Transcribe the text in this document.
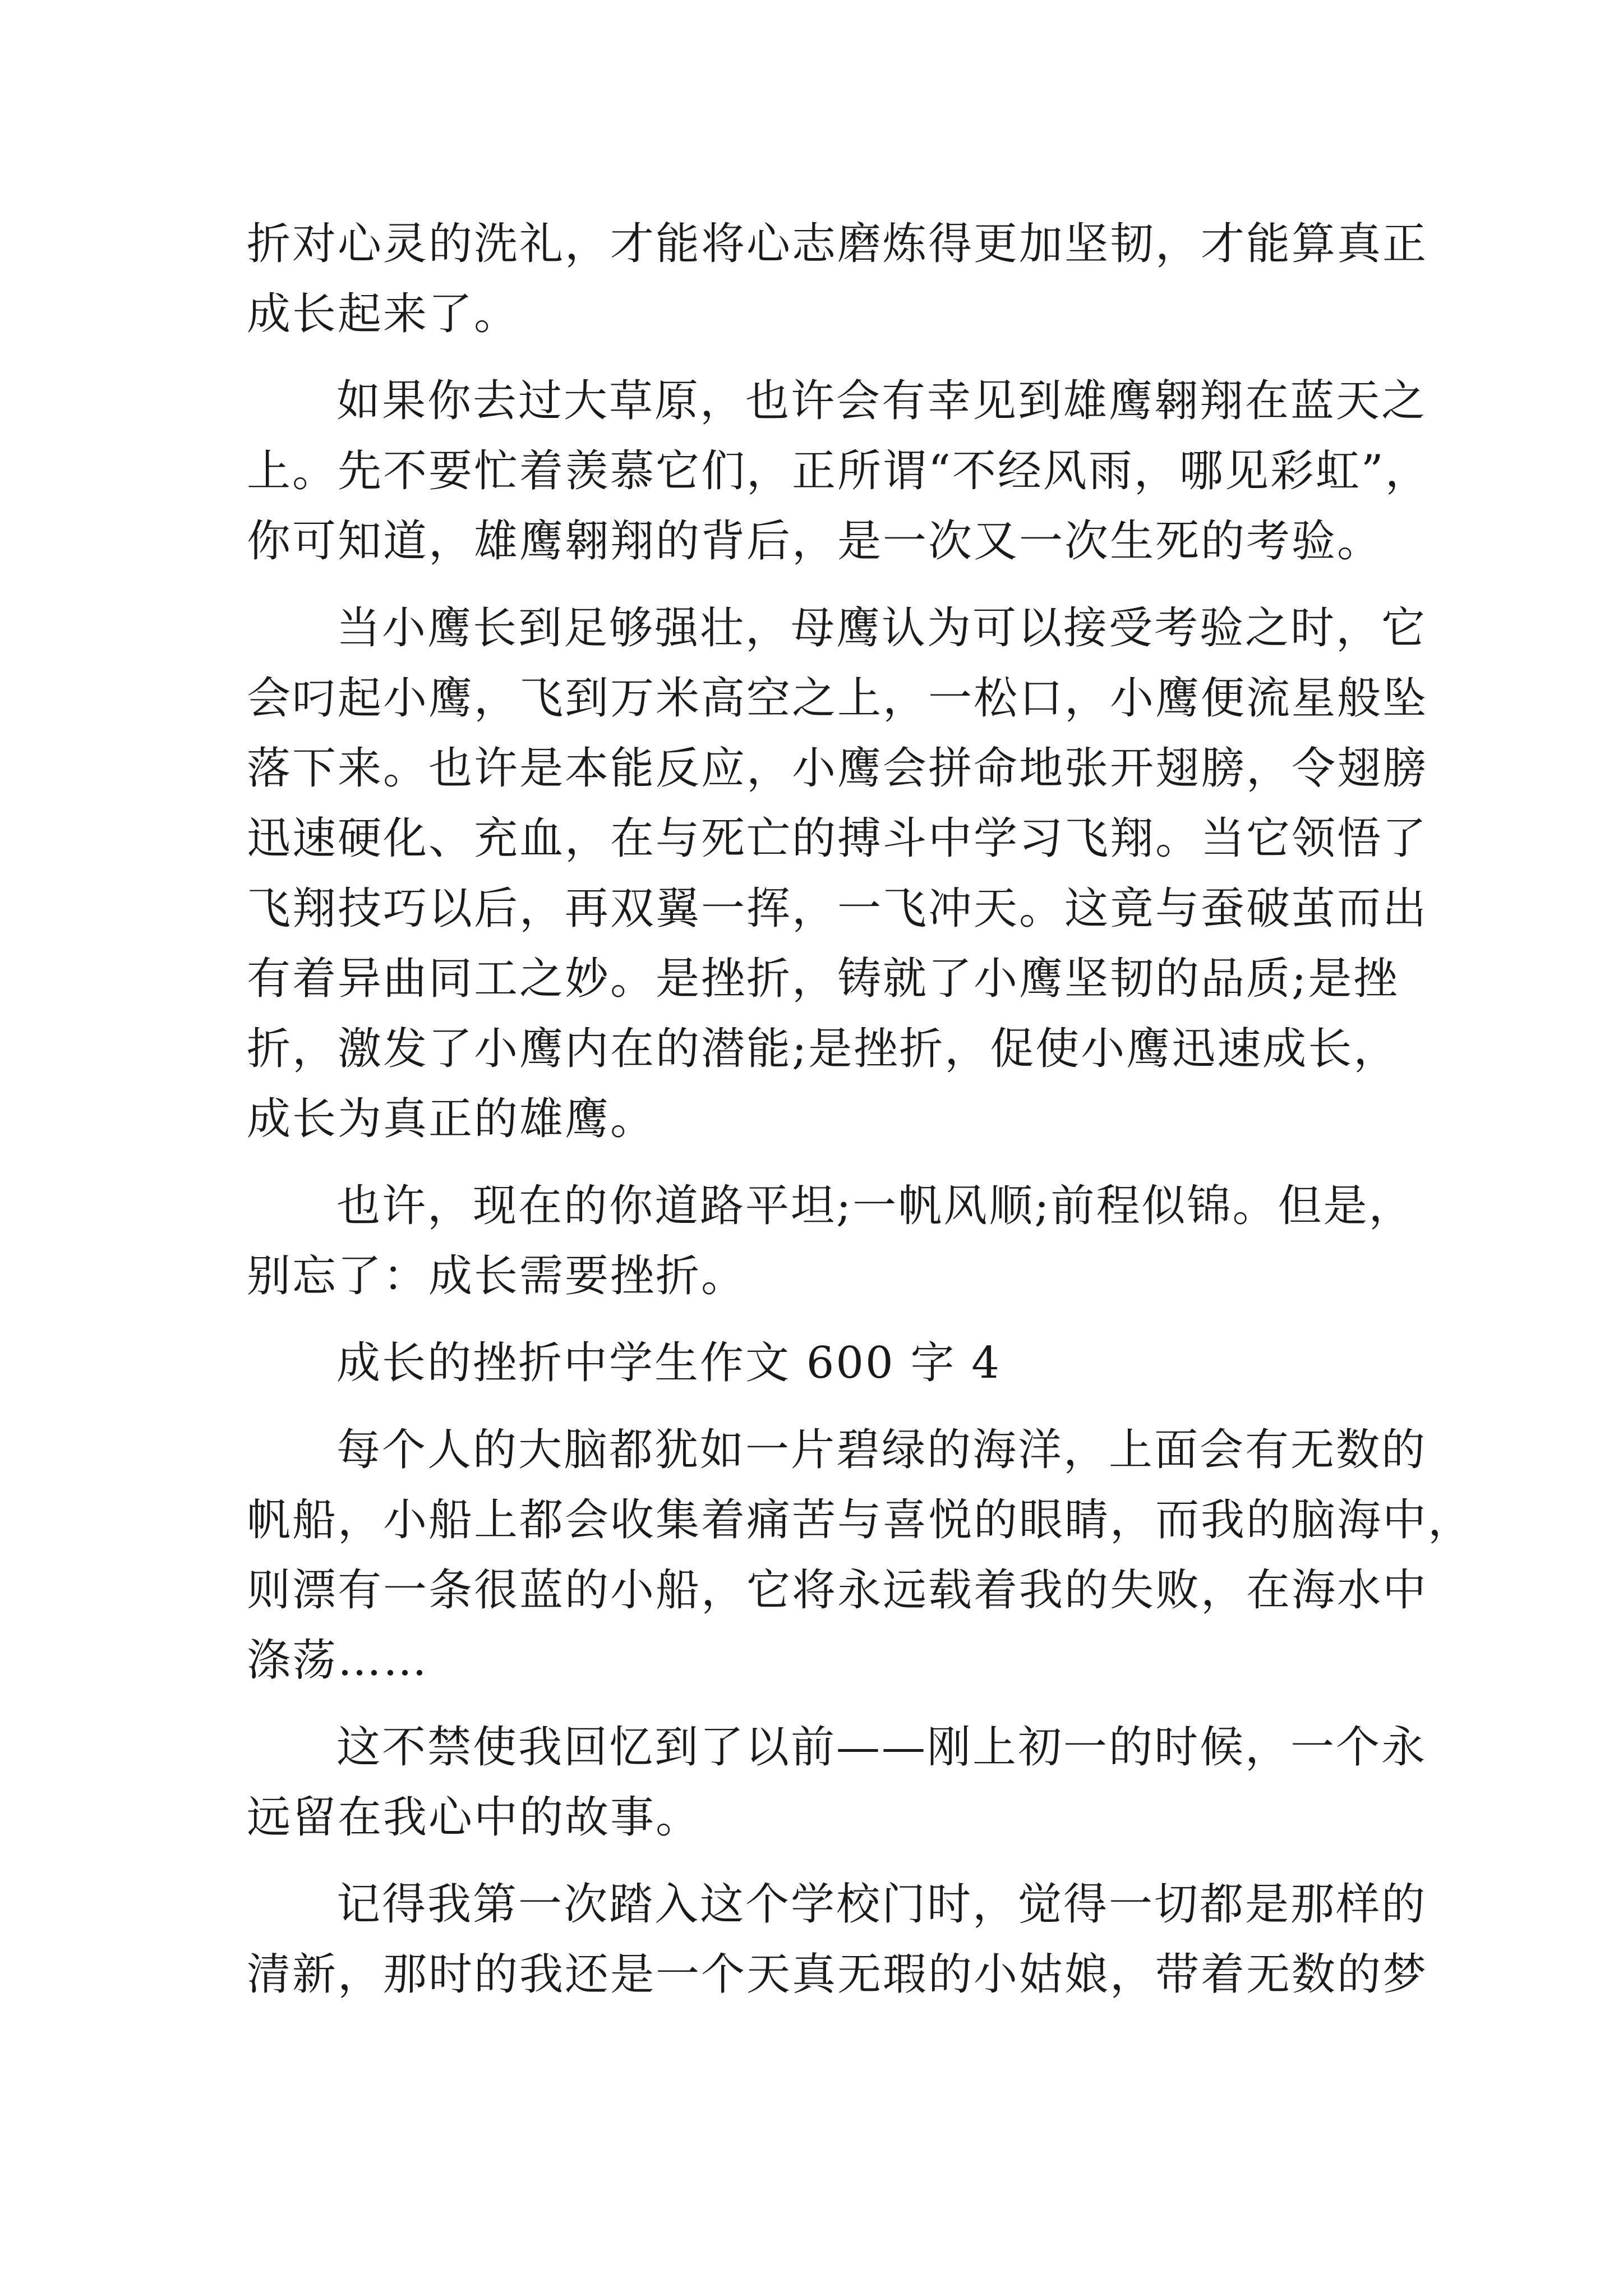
折对心灵的洗礼，才能将心志磨炼得更加坚韧，才能算真正
成长起来了。
如果你去过大草原，也许会有幸见到雄鹰翱翔在蓝天之
上。先不要忙着羡慕它们，正所谓“不经风雨，哪见彩虹”，
你可知道，雄鹰翱翔的背后，是一次又一次生死的考验。
当小鹰长到足够强壮，母鹰认为可以接受考验之时，它
会叼起小鹰，飞到万米高空之上，一松口，小鹰便流星般坠
落下来。也许是本能反应，小鹰会拼命地张开翅膀，令翅膀
迅速硬化、充血，在与死亡的搏斗中学习飞翔。当它领悟了
飞翔技巧以后，再双翼一挥，一飞冲天。这竟与蚕破茧而出
有着异曲同工之妙。是挫折，铸就了小鹰坚韧的品质;是挫
折，激发了小鹰内在的潜能;是挫折，促使小鹰迅速成长，
成长为真正的雄鹰。
也许，现在的你道路平坦;一帆风顺;前程似锦。但是，
别忘了：成长需要挫折。
成长的挫折中学生作文 600 字 4
每个人的大脑都犹如一片碧绿的海洋，上面会有无数的
帆船，小船上都会收集着痛苦与喜悦的眼睛，而我的脑海中，
则漂有一条很蓝的小船，它将永远载着我的失败，在海水中
涤荡……
这不禁使我回忆到了以前——刚上初一的时候，一个永
远留在我心中的故事。
记得我第一次踏入这个学校门时，觉得一切都是那样的
清新，那时的我还是一个天真无瑕的小姑娘，带着无数的梦
